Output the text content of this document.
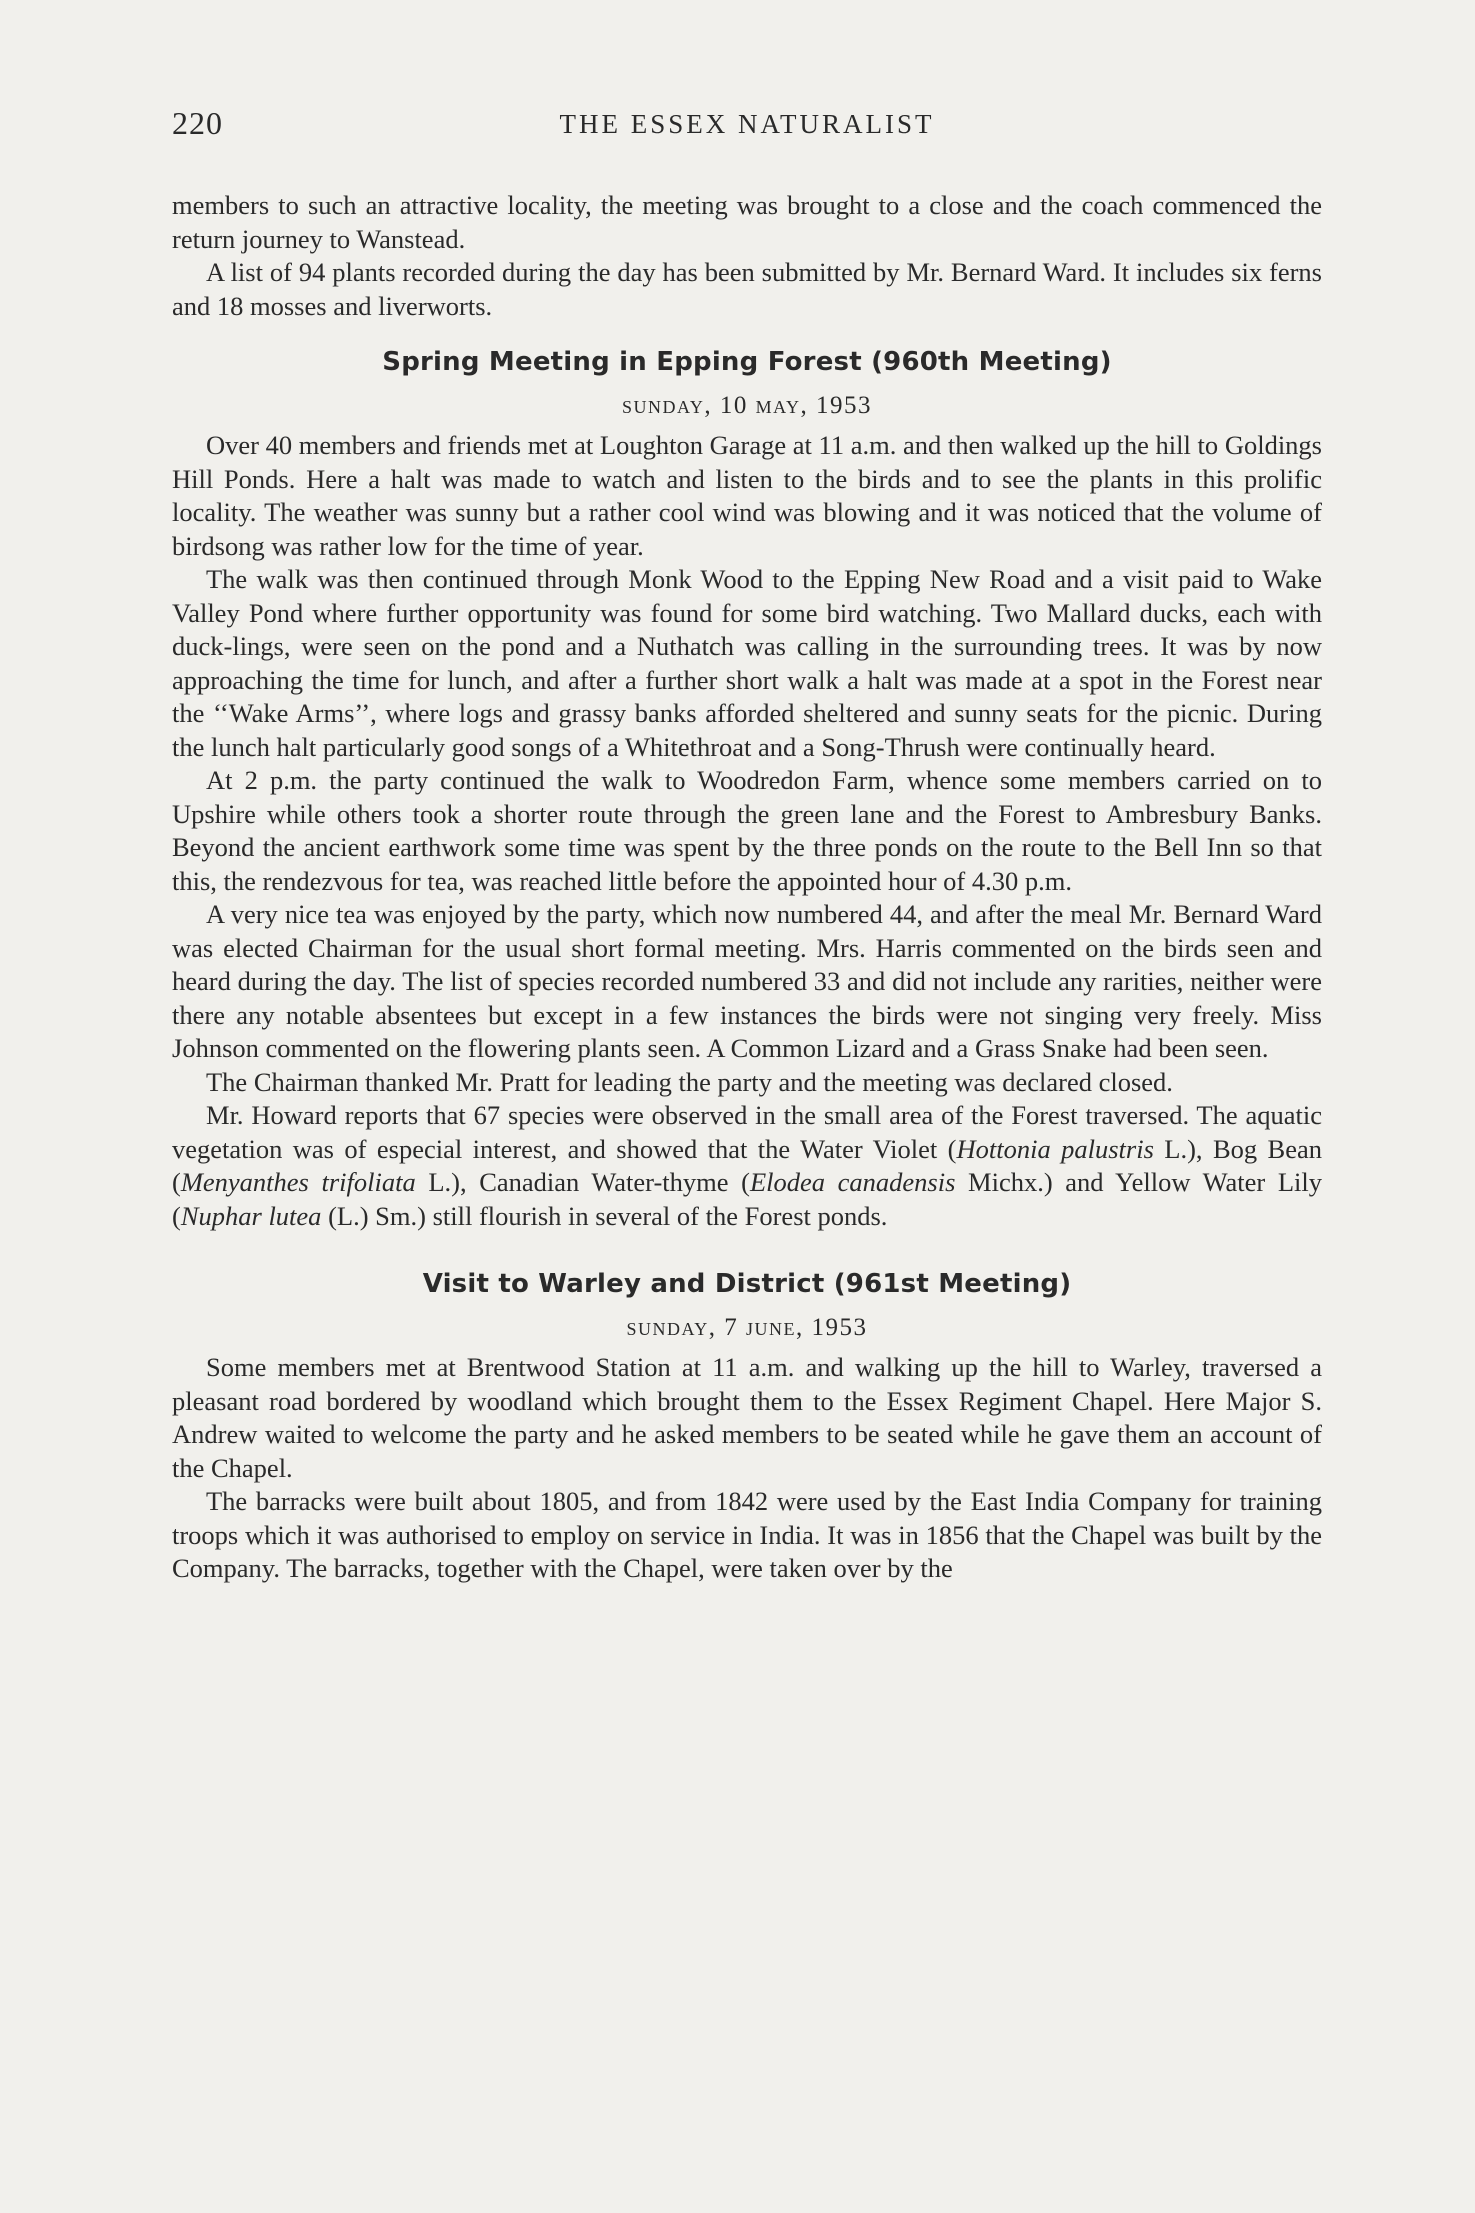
220	THE ESSEX NATURALIST

members to such an attractive locality, the meeting was brought to a close and the coach commenced the return journey to Wanstead.

A list of 94 plants recorded during the day has been submitted by Mr. Bernard Ward. It includes six ferns and 18 mosses and liverworts.

Spring Meeting in Epping Forest (960th Meeting)
sunday, 10 may, 1953

Over 40 members and friends met at Loughton Garage at 11 a.m. and then walked up the hill to Goldings Hill Ponds. Here a halt was made to watch and listen to the birds and to see the plants in this prolific locality. The weather was sunny but a rather cool wind was blowing and it was noticed that the volume of birdsong was rather low for the time of year.

The walk was then continued through Monk Wood to the Epping New Road and a visit paid to Wake Valley Pond where further opportunity was found for some bird watching. Two Mallard ducks, each with duck-lings, were seen on the pond and a Nuthatch was calling in the surrounding trees. It was by now approaching the time for lunch, and after a further short walk a halt was made at a spot in the Forest near the ‘‘Wake Arms’’, where logs and grassy banks afforded sheltered and sunny seats for the picnic. During the lunch halt particularly good songs of a Whitethroat and a Song-Thrush were continually heard.

At 2 p.m. the party continued the walk to Woodredon Farm, whence some members carried on to Upshire while others took a shorter route through the green lane and the Forest to Ambresbury Banks. Beyond the ancient earthwork some time was spent by the three ponds on the route to the Bell Inn so that this, the rendezvous for tea, was reached little before the appointed hour of 4.30 p.m.

A very nice tea was enjoyed by the party, which now numbered 44, and after the meal Mr. Bernard Ward was elected Chairman for the usual short formal meeting. Mrs. Harris commented on the birds seen and heard during the day. The list of species recorded numbered 33 and did not include any rarities, neither were there any notable absentees but except in a few instances the birds were not singing very freely. Miss Johnson commented on the flowering plants seen. A Common Lizard and a Grass Snake had been seen.

The Chairman thanked Mr. Pratt for leading the party and the meeting was declared closed.

Mr. Howard reports that 67 species were observed in the small area of the Forest traversed. The aquatic vegetation was of especial interest, and showed that the Water Violet (Hottonia palustris L.), Bog Bean (Menyanthes trifoliata L.), Canadian Water-thyme (Elodea canadensis Michx.) and Yellow Water Lily (Nuphar lutea (L.) Sm.) still flourish in several of the Forest ponds.

Visit to Warley and District (961st Meeting)
sunday, 7 june, 1953

Some members met at Brentwood Station at 11 a.m. and walking up the hill to Warley, traversed a pleasant road bordered by woodland which brought them to the Essex Regiment Chapel. Here Major S. Andrew waited to welcome the party and he asked members to be seated while he gave them an account of the Chapel.

The barracks were built about 1805, and from 1842 were used by the East India Company for training troops which it was authorised to employ on service in India. It was in 1856 that the Chapel was built by the Company. The barracks, together with the Chapel, were taken over by the
